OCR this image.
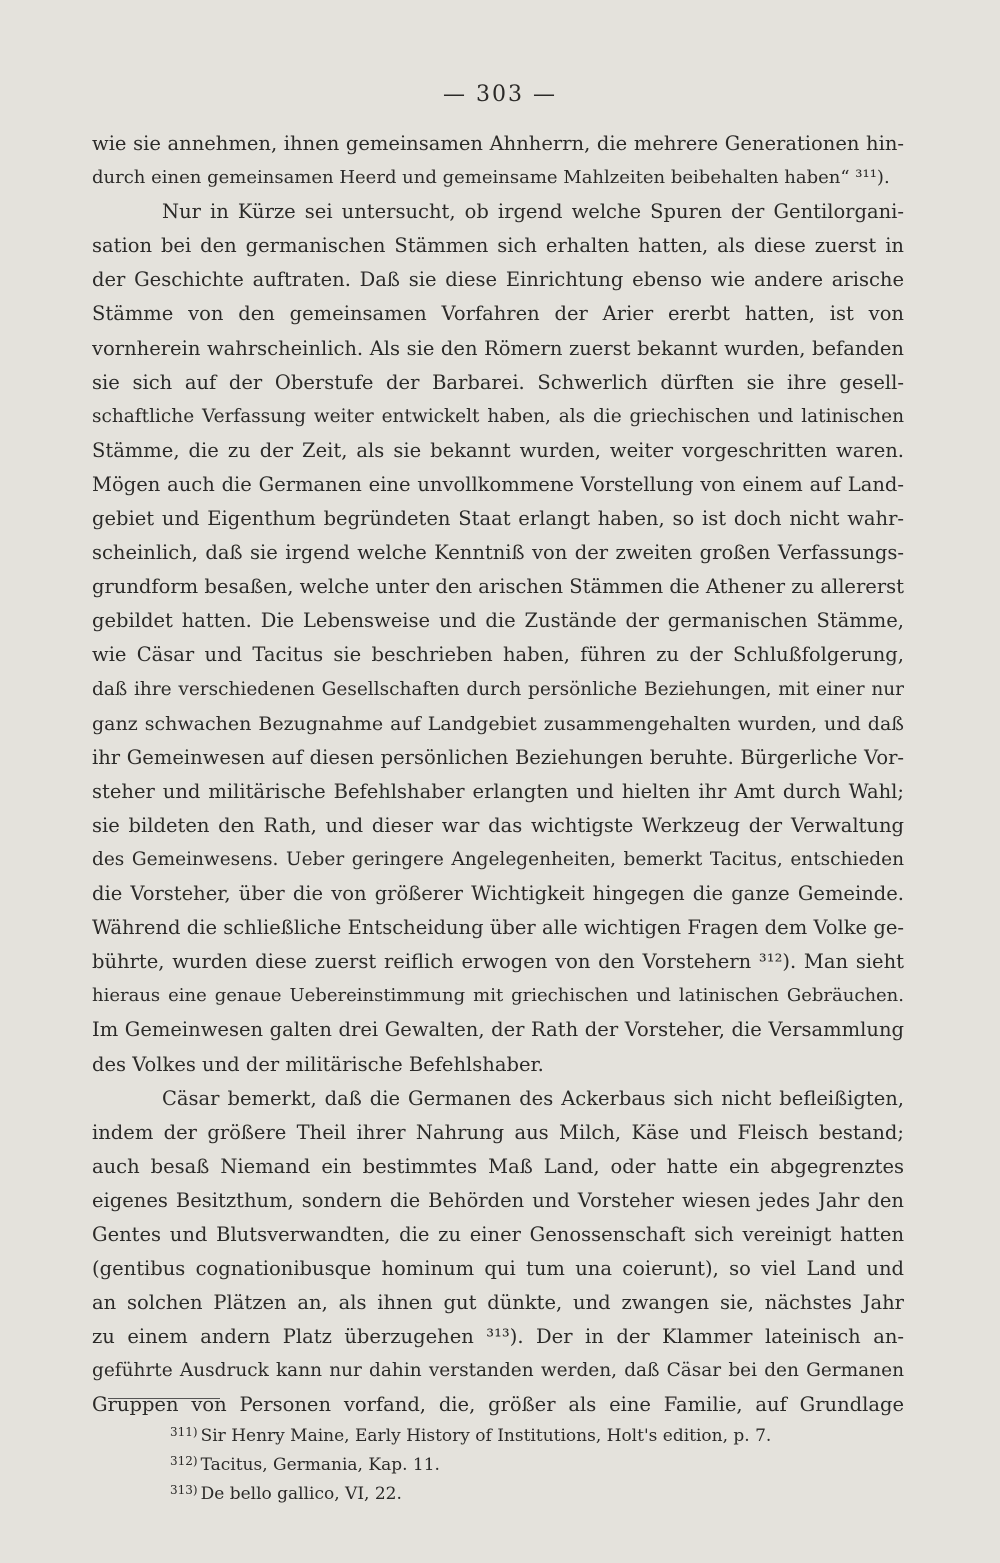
— 303 —
wie sie annehmen, ihnen gemeinsamen Ahnherrn, die mehrere Generationen hin-
durch einen gemeinsamen Heerd und gemeinsame Mahlzeiten beibehalten haben“ ³¹¹).
Nur in Kürze sei untersucht, ob irgend welche Spuren der Gentilorgani-
sation bei den germanischen Stämmen sich erhalten hatten, als diese zuerst in
der Geschichte auftraten. Daß sie diese Einrichtung ebenso wie andere arische
Stämme von den gemeinsamen Vorfahren der Arier ererbt hatten, ist von
vornherein wahrscheinlich. Als sie den Römern zuerst bekannt wurden, befanden
sie sich auf der Oberstufe der Barbarei. Schwerlich dürften sie ihre gesell-
schaftliche Verfassung weiter entwickelt haben, als die griechischen und latinischen
Stämme, die zu der Zeit, als sie bekannt wurden, weiter vorgeschritten waren.
Mögen auch die Germanen eine unvollkommene Vorstellung von einem auf Land-
gebiet und Eigenthum begründeten Staat erlangt haben, so ist doch nicht wahr-
scheinlich, daß sie irgend welche Kenntniß von der zweiten großen Verfassungs-
grundform besaßen, welche unter den arischen Stämmen die Athener zu allererst
gebildet hatten. Die Lebensweise und die Zustände der germanischen Stämme,
wie Cäsar und Tacitus sie beschrieben haben, führen zu der Schlußfolgerung,
daß ihre verschiedenen Gesellschaften durch persönliche Beziehungen, mit einer nur
ganz schwachen Bezugnahme auf Landgebiet zusammengehalten wurden, und daß
ihr Gemeinwesen auf diesen persönlichen Beziehungen beruhte. Bürgerliche Vor-
steher und militärische Befehlshaber erlangten und hielten ihr Amt durch Wahl;
sie bildeten den Rath, und dieser war das wichtigste Werkzeug der Verwaltung
des Gemeinwesens. Ueber geringere Angelegenheiten, bemerkt Tacitus, entschieden
die Vorsteher, über die von größerer Wichtigkeit hingegen die ganze Gemeinde.
Während die schließliche Entscheidung über alle wichtigen Fragen dem Volke ge-
bührte, wurden diese zuerst reiflich erwogen von den Vorstehern ³¹²). Man sieht
hieraus eine genaue Uebereinstimmung mit griechischen und latinischen Gebräuchen.
Im Gemeinwesen galten drei Gewalten, der Rath der Vorsteher, die Versammlung
des Volkes und der militärische Befehlshaber.
Cäsar bemerkt, daß die Germanen des Ackerbaus sich nicht befleißigten,
indem der größere Theil ihrer Nahrung aus Milch, Käse und Fleisch bestand;
auch besaß Niemand ein bestimmtes Maß Land, oder hatte ein abgegrenztes
eigenes Besitzthum, sondern die Behörden und Vorsteher wiesen jedes Jahr den
Gentes und Blutsverwandten, die zu einer Genossenschaft sich vereinigt hatten
(gentibus cognationibusque hominum qui tum una coierunt), so viel Land und
an solchen Plätzen an, als ihnen gut dünkte, und zwangen sie, nächstes Jahr
zu einem andern Platz überzugehen ³¹³). Der in der Klammer lateinisch an-
geführte Ausdruck kann nur dahin verstanden werden, daß Cäsar bei den Germanen
Gruppen von Personen vorfand, die, größer als eine Familie, auf Grundlage
$^{311)}$ Sir Henry Maine, Early History of Institutions, Holt's edition, p. 7.
$^{312)}$ Tacitus, Germania, Kap. 11.
$^{313)}$ De bello gallico, VI, 22.
